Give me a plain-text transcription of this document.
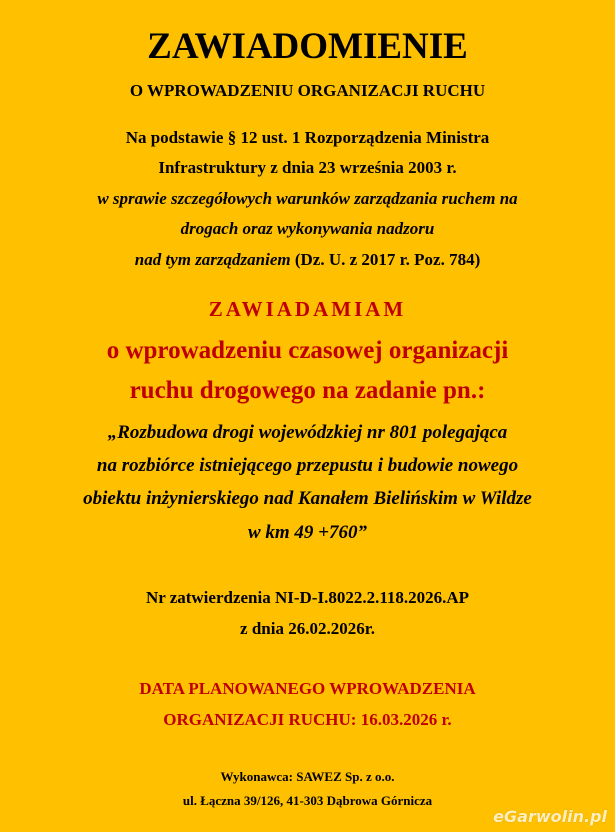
ZAWIADOMIENIE
O WPROWADZENIU ORGANIZACJI RUCHU
Na podstawie § 12 ust. 1 Rozporządzenia Ministra
Infrastruktury z dnia 23 września 2003 r.
w sprawie szczegółowych warunków zarządzania ruchem na
drogach oraz wykonywania nadzoru
nad tym zarządzaniem (Dz. U. z 2017 r. Poz. 784)
ZAWIADAMIAM
o wprowadzeniu czasowej organizacji
ruchu drogowego na zadanie pn.:
„Rozbudowa drogi wojewódzkiej nr 801 polegająca
na rozbiórce istniejącego przepustu i budowie nowego
obiektu inżynierskiego nad Kanałem Bielińskim w Wildze
w km 49 +760”
Nr zatwierdzenia NI-D-I.8022.2.118.2026.AP
z dnia 26.02.2026r.
DATA PLANOWANEGO WPROWADZENIA
ORGANIZACJI RUCHU: 16.03.2026 r.
Wykonawca: SAWEZ Sp. z o.o.
ul. Łączna 39/126, 41-303 Dąbrowa Górnicza
eGarwolin.pl
